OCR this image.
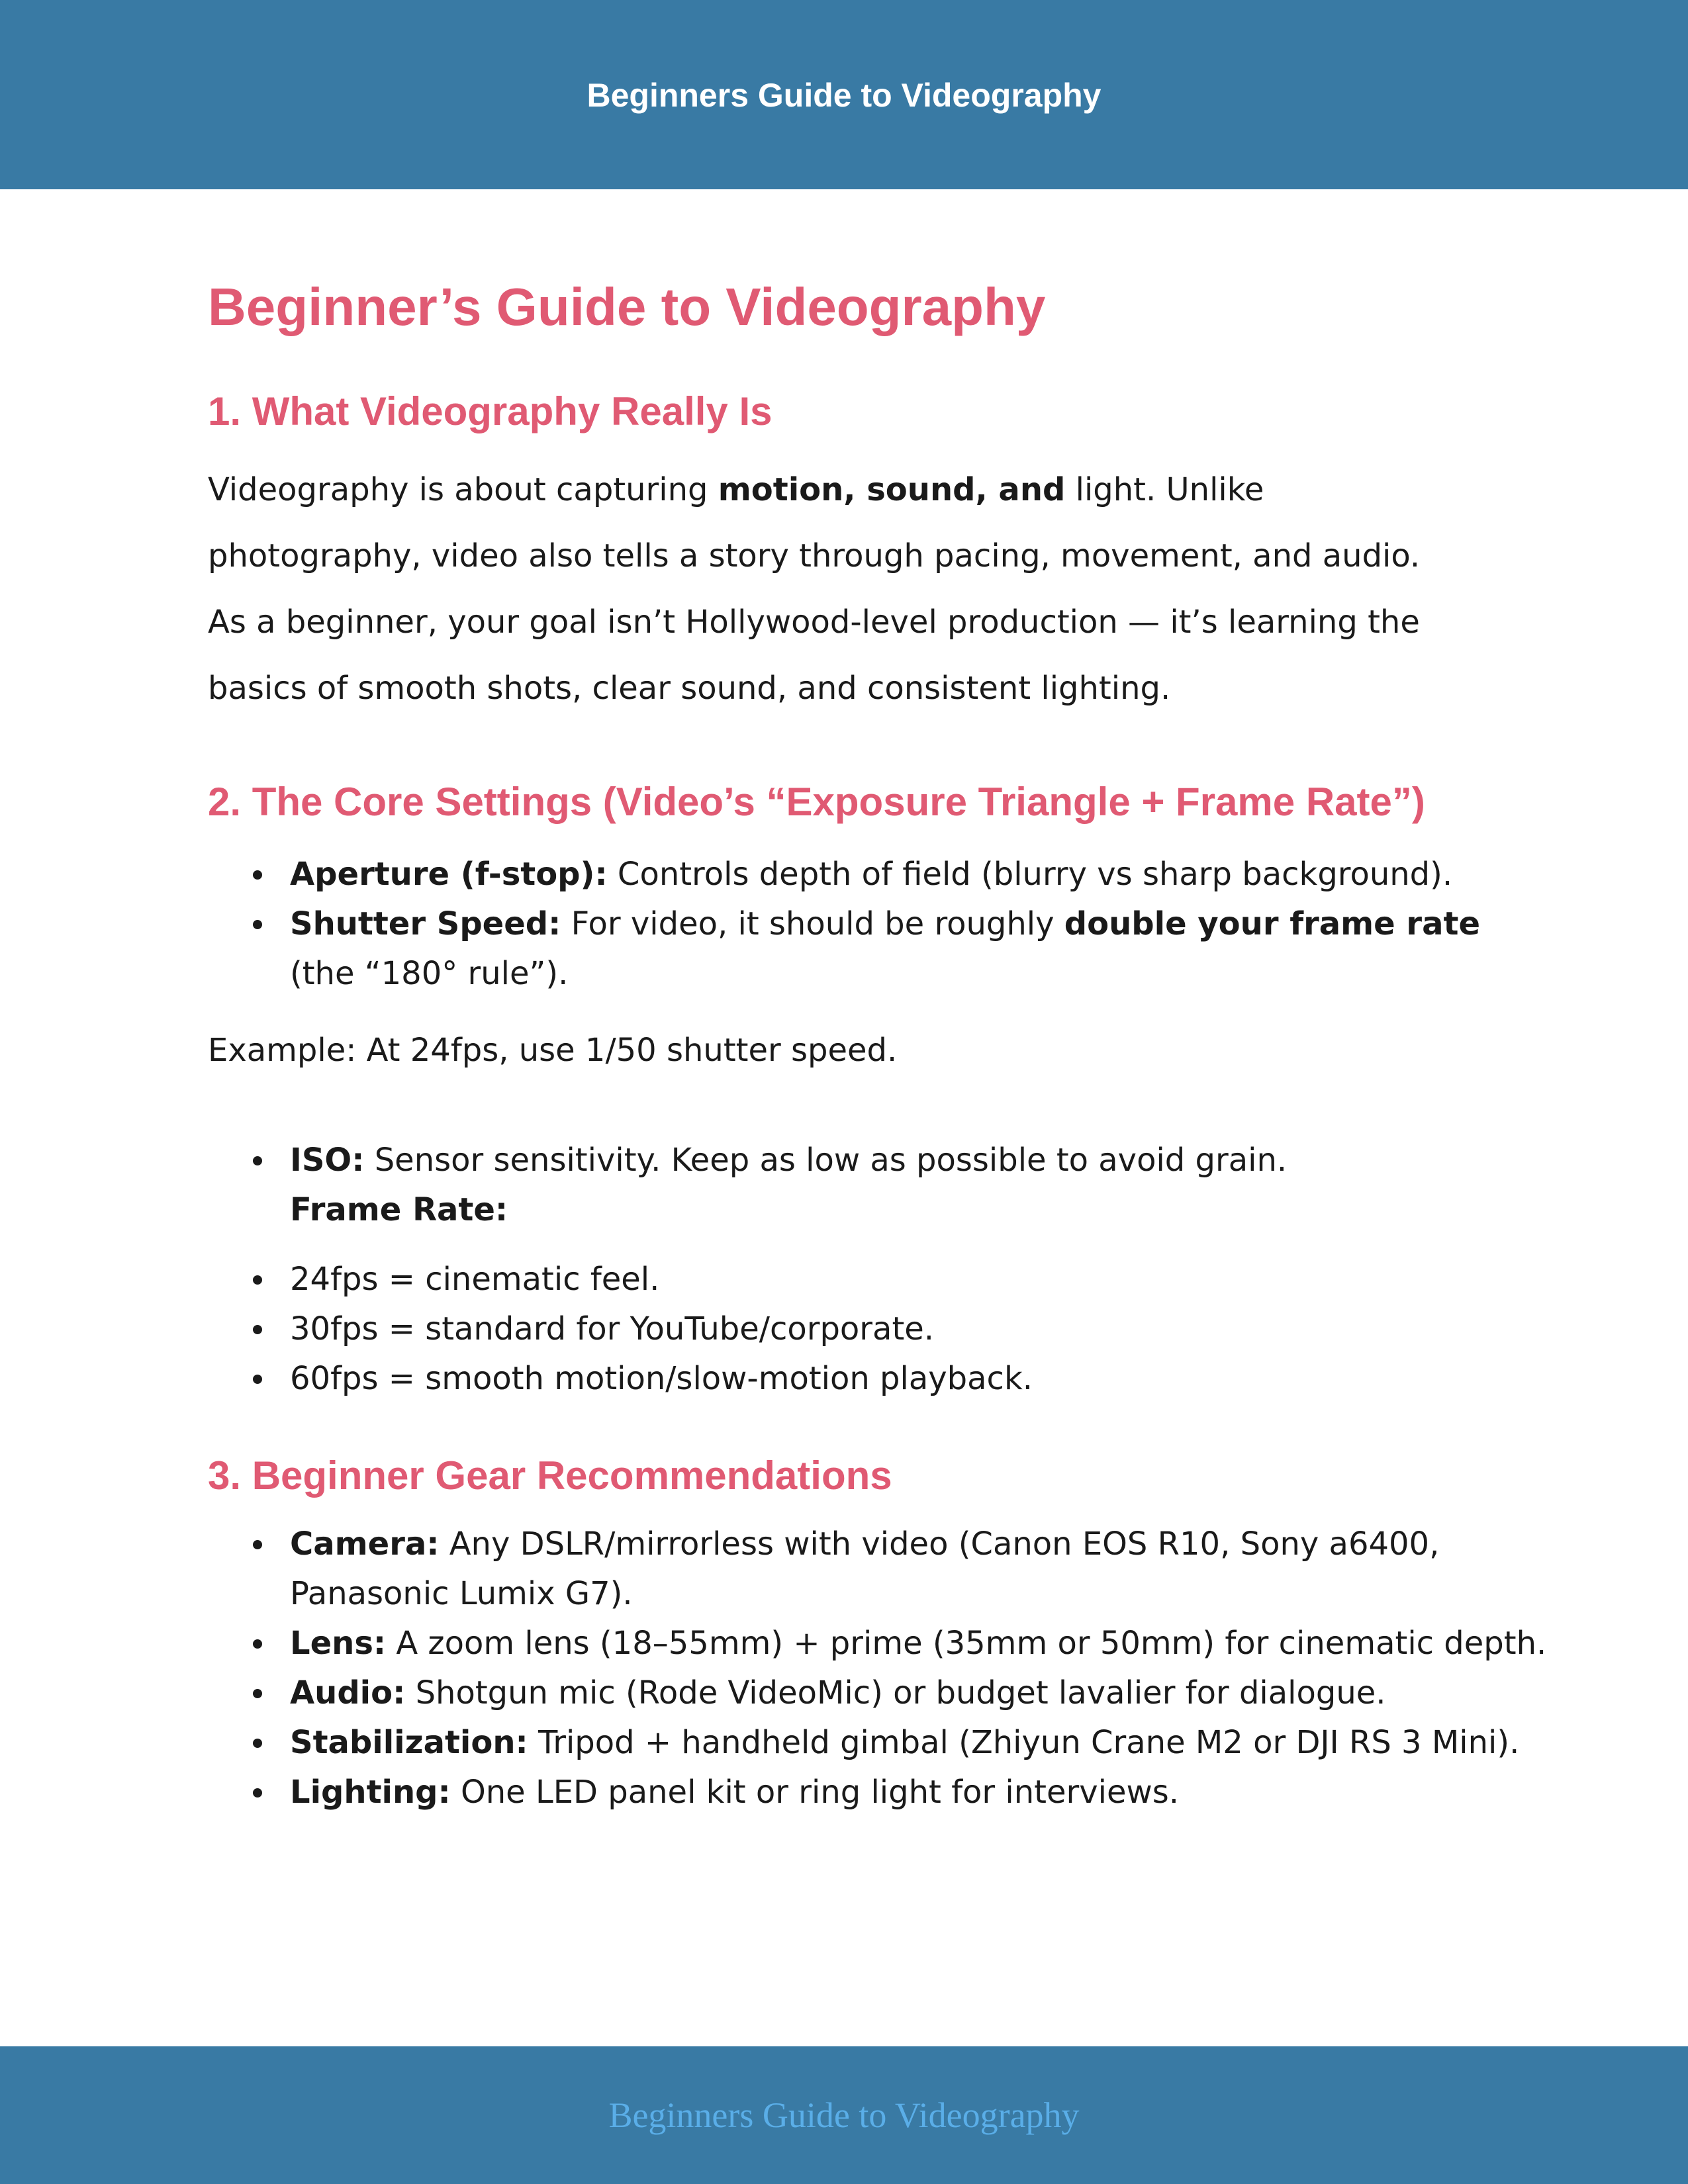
Beginners Guide to Videography
Beginner’s Guide to Videography
1. What Videography Really Is

Videography is about capturing motion, sound, and light. Unlike photography, video also tells a story through pacing, movement, and audio. As a beginner, your goal isn’t Hollywood-level production — it’s learning the basics of smooth shots, clear sound, and consistent lighting.

2. The Core Settings (Video’s “Exposure Triangle + Frame Rate”)
Aperture (f-stop): Controls depth of field (blurry vs sharp background).
Shutter Speed: For video, it should be roughly double your frame rate (the “180° rule”).
Example: At 24fps, use 1/50 shutter speed.
ISO: Sensor sensitivity. Keep as low as possible to avoid grain.
Frame Rate:
24fps = cinematic feel.
30fps = standard for YouTube/corporate.
60fps = smooth motion/slow-motion playback.
3. Beginner Gear Recommendations
Camera: Any DSLR/mirrorless with video (Canon EOS R10, Sony a6400, Panasonic Lumix G7).
Lens: A zoom lens (18–55mm) + prime (35mm or 50mm) for cinematic depth.
Audio: Shotgun mic (Rode VideoMic) or budget lavalier for dialogue.
Stabilization: Tripod + handheld gimbal (Zhiyun Crane M2 or DJI RS 3 Mini).
Lighting: One LED panel kit or ring light for interviews.
Beginners Guide to Videography
